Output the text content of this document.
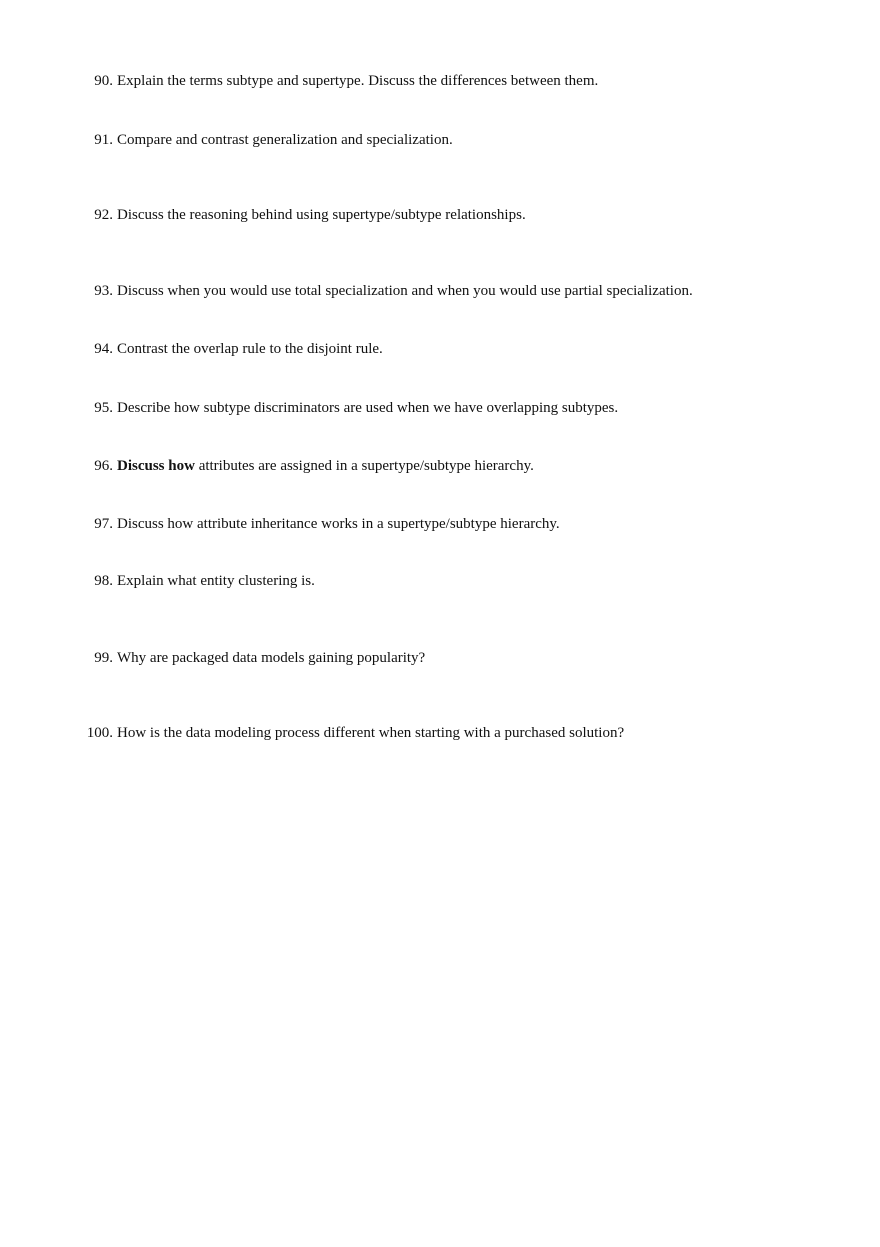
90. Explain the terms subtype and supertype. Discuss the differences between them.
91. Compare and contrast generalization and specialization.
92. Discuss the reasoning behind using supertype/subtype relationships.
93. Discuss when you would use total specialization and when you would use partial specialization.
94. Contrast the overlap rule to the disjoint rule.
95. Describe how subtype discriminators are used when we have overlapping subtypes.
96. Discuss how attributes are assigned in a supertype/subtype hierarchy.
97. Discuss how attribute inheritance works in a supertype/subtype hierarchy.
98. Explain what entity clustering is.
99. Why are packaged data models gaining popularity?
100. How is the data modeling process different when starting with a purchased solution?
